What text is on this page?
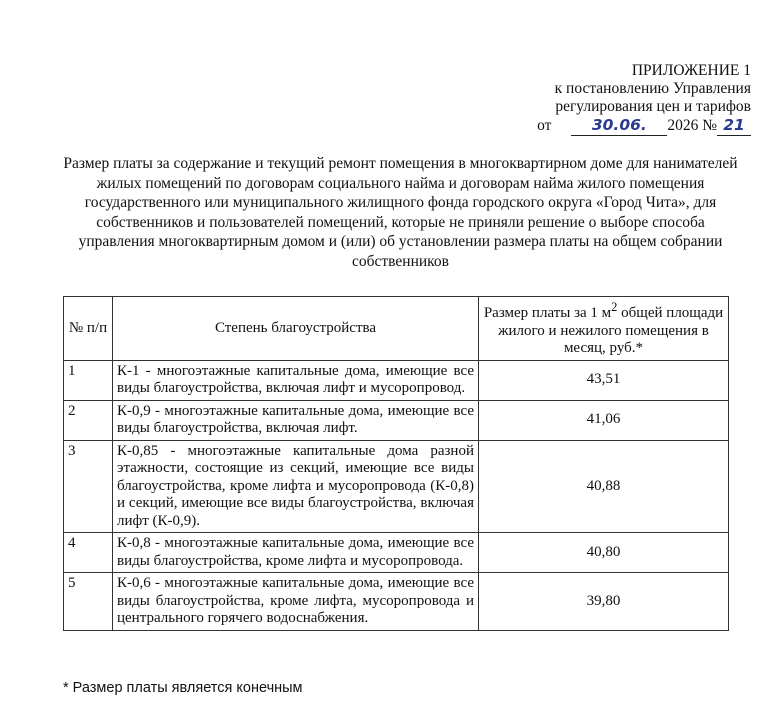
ПРИЛОЖЕНИЕ 1
к постановлению Управления
регулирования цен и тарифов
от	30.06. 2026 № 21
Размер платы за содержание и текущий ремонт помещения в многоквартирном доме для нанимателей жилых помещений по договорам социального найма и договорам найма жилого помещения государственного или муниципального жилищного фонда городского округа «Город Чита», для собственников и пользователей помещений, которые не приняли решение о выборе способа управления многоквартирным домом и (или) об установлении размера платы на общем собрании собственников
№ п/п	Степень благоустройства	Размер платы за 1 $м^2$ общей площади жилого и нежилого помещения в месяц, руб.*
1	К-1 - многоэтажные капитальные дома, имеющие все виды благоустройства, включая лифт и мусоропровод.	43,51
2	К-0,9 - многоэтажные капитальные дома, имеющие все виды благоустройства, включая лифт.	41,06
3	К-0,85 - многоэтажные капитальные дома разной этажности, состоящие из секций, имеющие все виды благоустройства, кроме лифта и мусоропровода (К-0,8) и секций, имеющие все виды благоустройства, включая лифт (К-0,9).	40,88
4	К-0,8 - многоэтажные капитальные дома, имеющие все виды благоустройства, кроме лифта и мусоропровода.	40,80
5	К-0,6 - многоэтажные капитальные дома, имеющие все виды благоустройства, кроме лифта, мусоропровода и центрального горячего водоснабжения.	39,80
* Размер платы является конечным
